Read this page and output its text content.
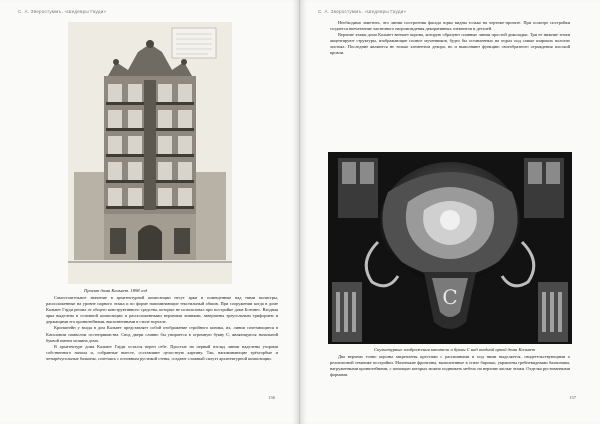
С. А. Зверостуммъ. «Шедевры Гауди»
Проект дома Кальвет. 1898 год

Самостоятельное значение в архитектурной композиции несут арки и помещенные над ними пилястры, расположенные на уровне парного этажа и по форме напоминающие текстильный обшив. При сооружении когда в доме Кальвет Гауди решил от общего конструктивного средства, которые не использовал при постройке дома Ботинес. Входная арка выделена в основной композиции и расположенными верхними линиями, завершены треугольным трифорием и держащими его кронштейнами, выполненными в стиле портале.

Кронштейн у входа в дом Кальвет представляет собой отображение стройного коника, их, линии сочетающиеся в Каталонии символом гостеприимства. Свод двери сливно бы упирается в огромную букву С, являющуюся начальной буквой имени хозяина дома.

В архитектуре дома Кальвет Гауди остался верен себе. Простые на первый взгляд линии наделены узорами собственного начала и, собранные вместе, составляют целостную картину. Так, напоминающие трёхгорбые и четырёхугольные балконы, сочетаясь с основным рустикой стены, создают сложный силуэт архитектурной композиции.

136
С. А. Зверостуммъ. «Шедевры Гауди»

Необходимо заметить, что линии построения фасада зорко видны только на чертеже-проекте. При осмотре постройки создается впечатление хаотичного нагромождения декоративных элементов и деталей.

Верхние этажи дома Кальвет венчает корона, которую образуют плавные линии простой диколадки. Три ее нижние точки акцентируют структуры, изображающие полное мученников, будто бы оставленных на отдых под самые широких пологих листьях. Последние являются не только элементом декора, но и выполняют функцию своеобразного ограждения плоской кровли.

C
Скульптурные изображения капители и буквы С над входной аркой дома Кальвет

Два верхних точно короны закреплены крестами с распашными и под ними выделяется, свидетельствующими о религиозной тематике постройки. Маленькие фронтоны, выполненные в стиле барокко, украшены гребневидными балконами, нагруженными кронштейнами, с помощью которых можно поднимать мебель на верхние жилые этажи. Отделка рустованными формами.

137
